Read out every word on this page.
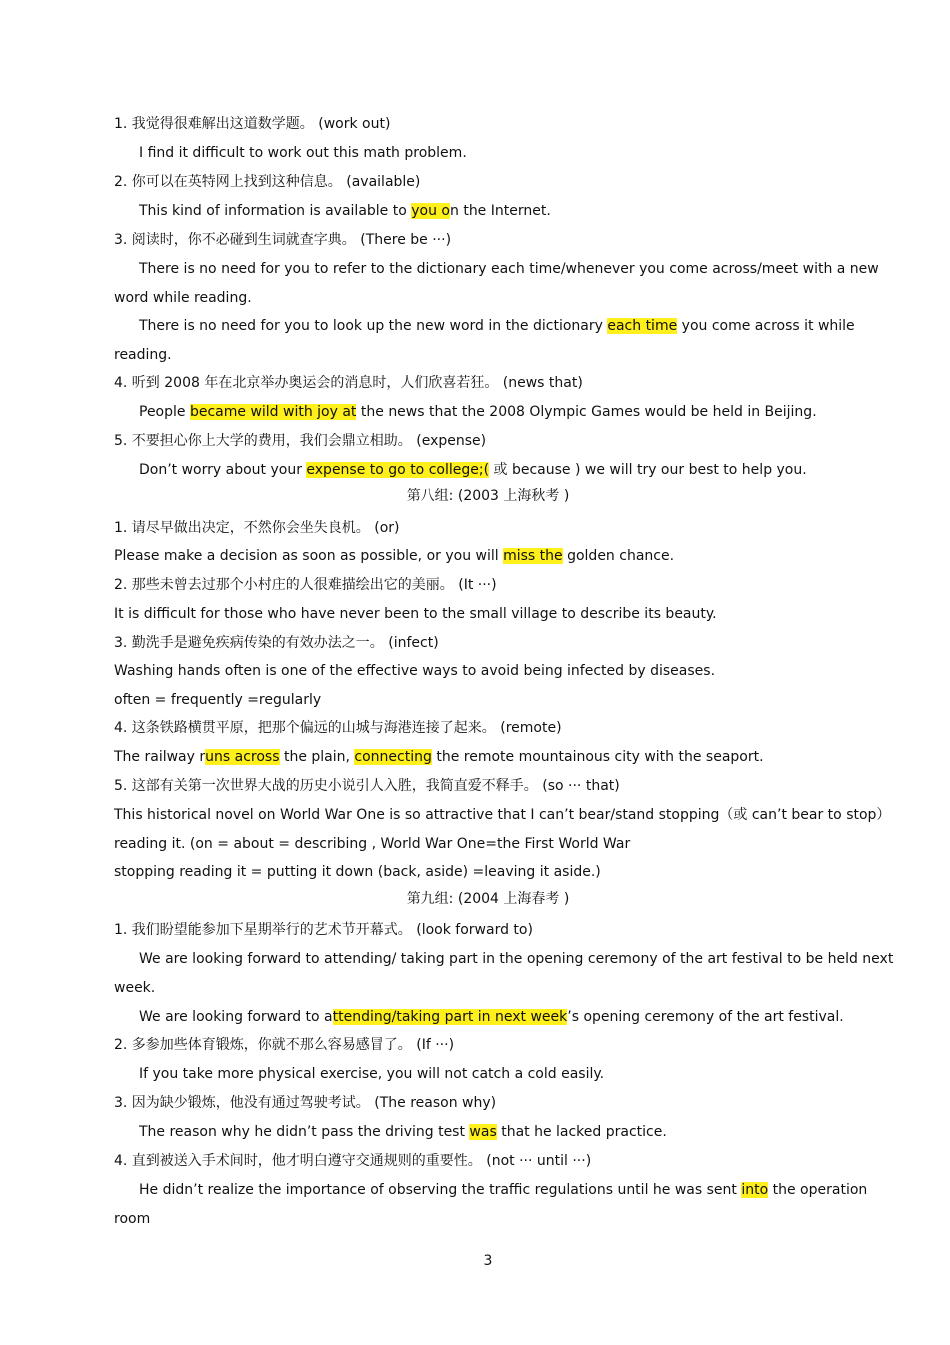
1. 我觉得很难解出这道数学题。 (work out)
I find it difficult to work out this math problem.
2. 你可以在英特网上找到这种信息。 (available)
This kind of information is available to you on the Internet.
3. 阅读时，你不必碰到生词就查字典。 (There be ···)
There is no need for you to refer to the dictionary each time/whenever you come across/meet with a new
word while reading.
There is no need for you to look up the new word in the dictionary each time you come across it while
reading.
4. 听到 2008 年在北京举办奥运会的消息时，人们欣喜若狂。 (news that)
People became wild with joy at the news that the 2008 Olympic Games would be held in Beijing.
5. 不要担心你上大学的费用，我们会鼎立相助。 (expense)
Don’t worry about your expense to go to college;( 或 because ) we will try our best to help you.
第八组: (2003 上海秋考 )
1. 请尽早做出决定，不然你会坐失良机。 (or)
Please make a decision as soon as possible, or you will miss the golden chance.
2. 那些未曾去过那个小村庄的人很难描绘出它的美丽。 (It ···)
It is difficult for those who have never been to the small village to describe its beauty.
3. 勤洗手是避免疾病传染的有效办法之一。 (infect)
Washing hands often is one of the effective ways to avoid being infected by diseases.
often = frequently =regularly
4. 这条铁路横贯平原，把那个偏远的山城与海港连接了起来。 (remote)
The railway runs across the plain, connecting the remote mountainous city with the seaport.
5. 这部有关第一次世界大战的历史小说引人入胜，我简直爱不释手。 (so ··· that)
This historical novel on World War One is so attractive that I can’t bear/stand stopping（或 can’t bear to stop）
reading it. (on = about = describing , World War One=the First World War
stopping reading it = putting it down (back, aside) =leaving it aside.)
第九组: (2004 上海春考 )
1. 我们盼望能参加下星期举行的艺术节开幕式。 (look forward to)
We are looking forward to attending/ taking part in the opening ceremony of the art festival to be held next
week.
We are looking forward to attending/taking part in next week’s opening ceremony of the art festival.
2. 多参加些体育锻炼，你就不那么容易感冒了。 (If ···)
If you take more physical exercise, you will not catch a cold easily.
3. 因为缺少锻炼，他没有通过驾驶考试。 (The reason why)
The reason why he didn’t pass the driving test was that he lacked practice.
4. 直到被送入手术间时，他才明白遵守交通规则的重要性。 (not ··· until ···)
He didn’t realize the importance of observing the traffic regulations until he was sent into the operation
room
3
